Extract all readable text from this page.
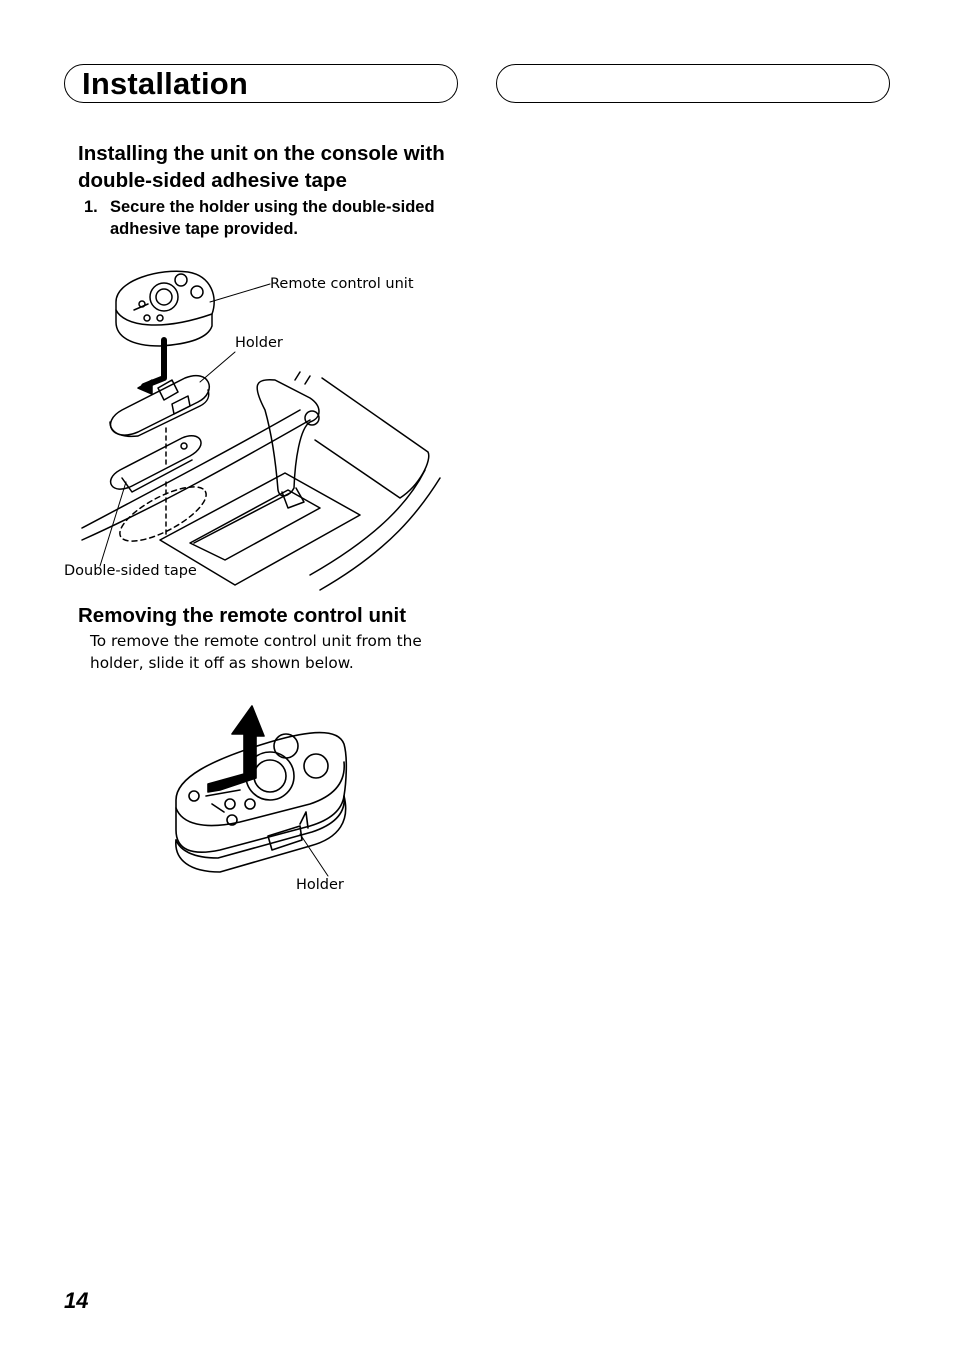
Installation
Installing the unit on the console with double-sided adhesive tape
1. Secure the holder using the double-sided adhesive tape provided.
Remote control unit
Holder
Double-sided tape
Removing the remote control unit
To remove the remote control unit from the holder, slide it off as shown below.
Holder
14
